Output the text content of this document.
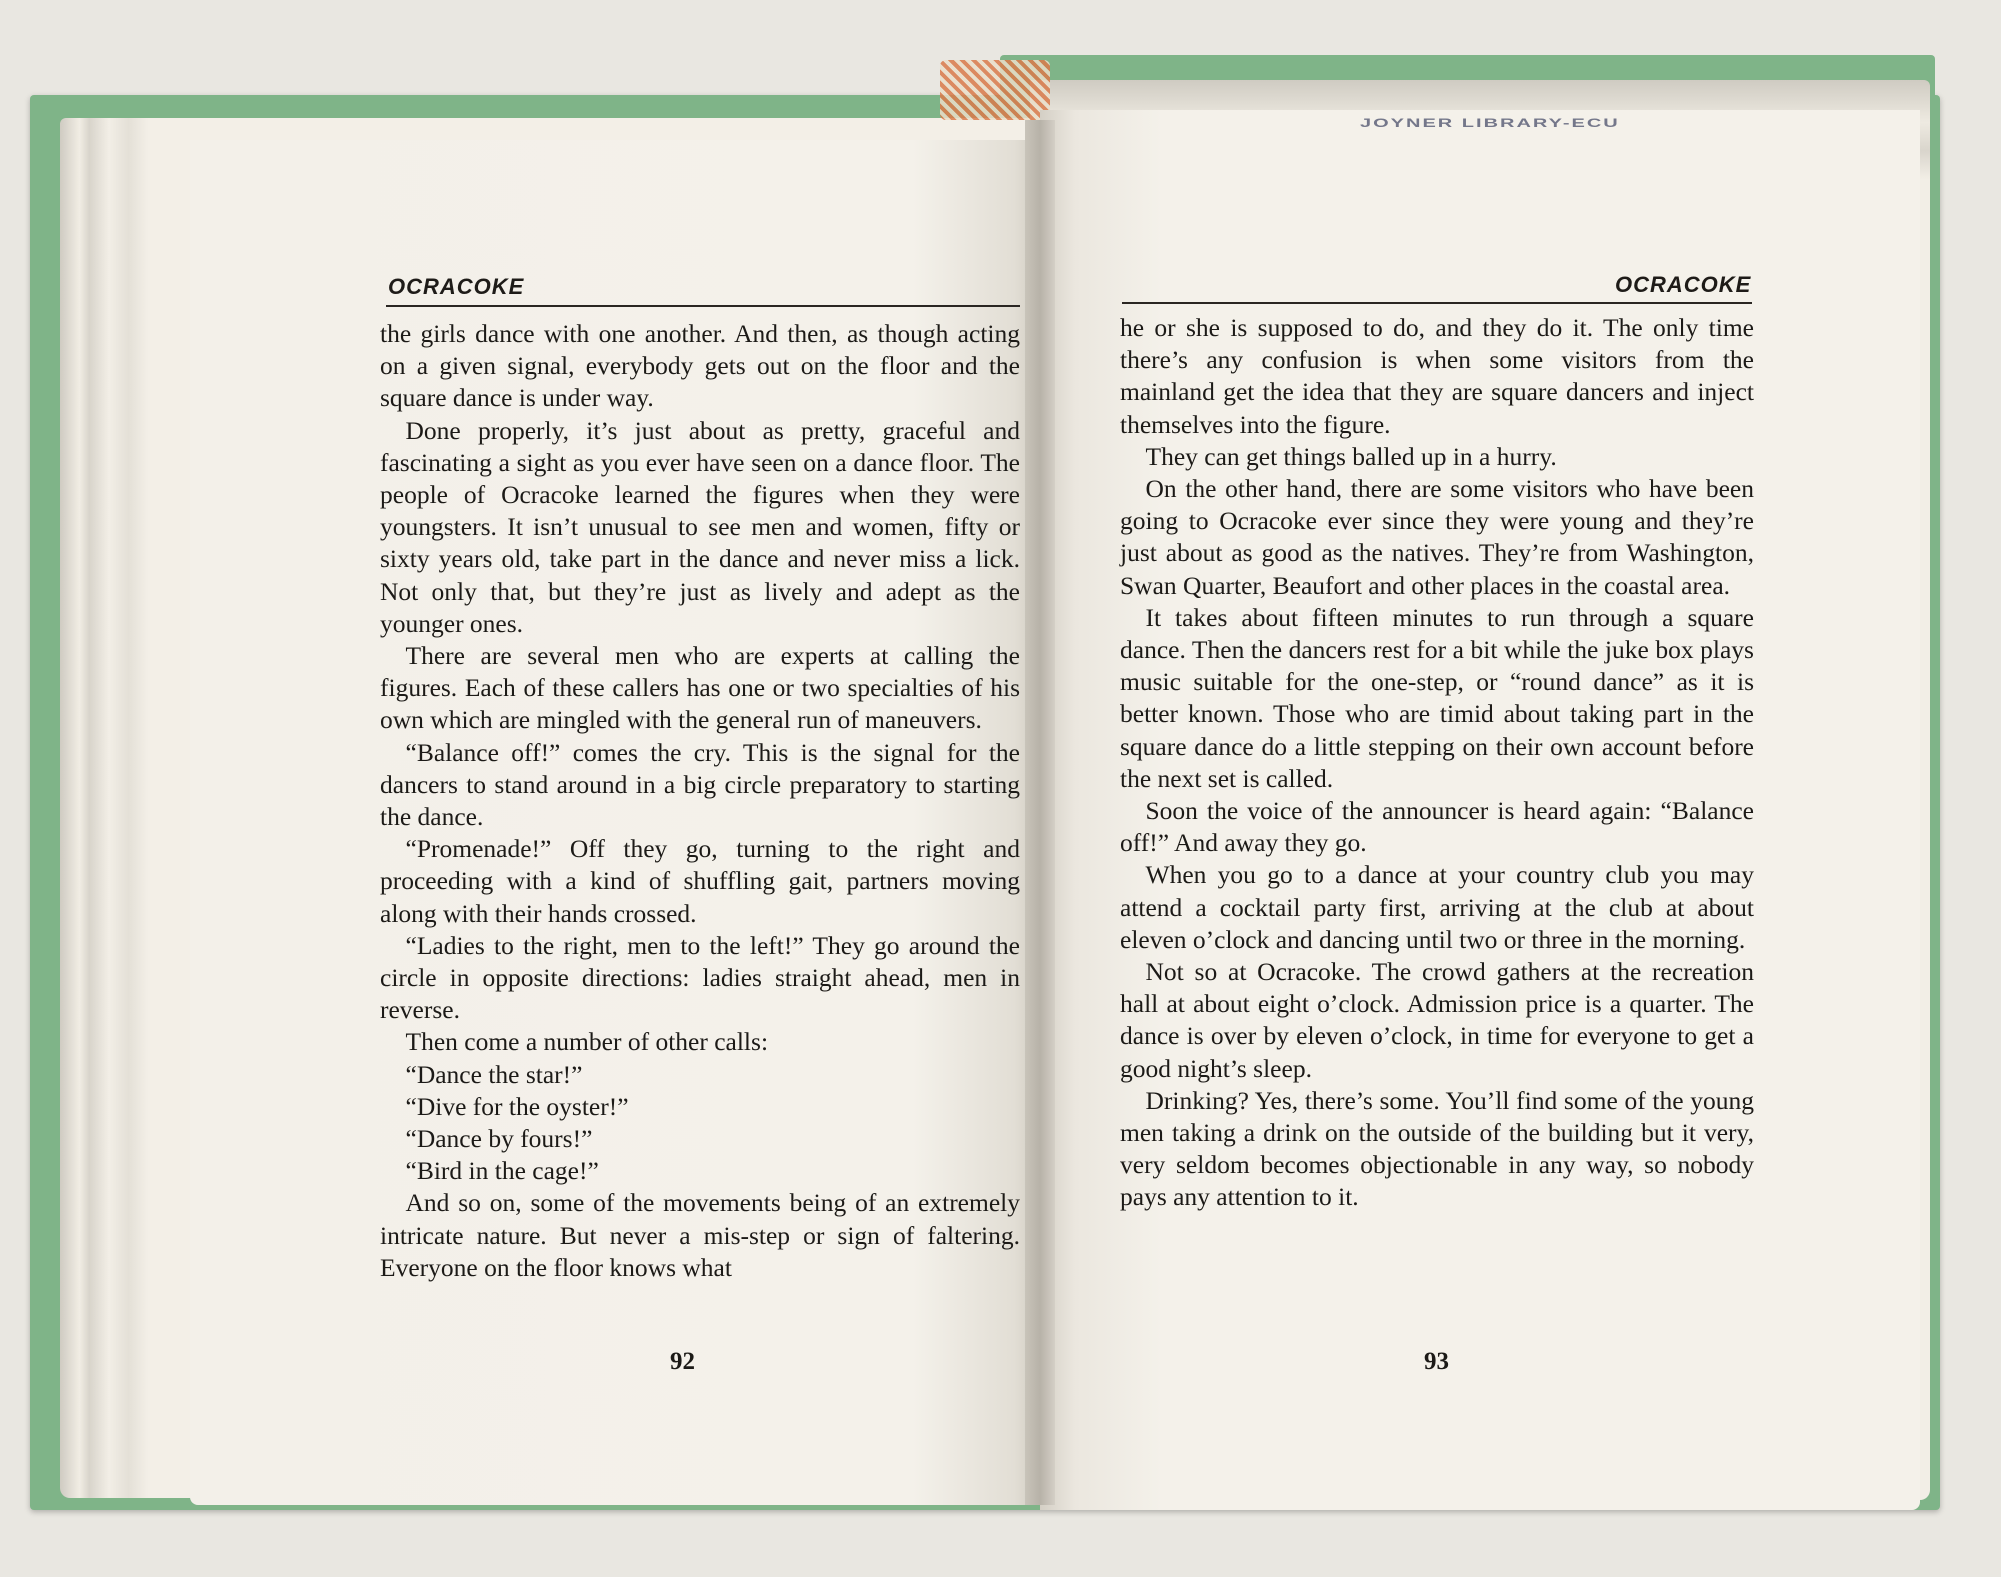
JOYNER LIBRARY-ECU
OCRACOKE

the girls dance with one another. And then, as though acting on a given signal, everybody gets out on the floor and the square dance is under way.

Done properly, it’s just about as pretty, graceful and fascinating a sight as you ever have seen on a dance floor. The people of Ocracoke learned the figures when they were youngsters. It isn’t unusual to see men and women, fifty or sixty years old, take part in the dance and never miss a lick. Not only that, but they’re just as lively and adept as the younger ones.

There are several men who are experts at calling the figures. Each of these callers has one or two specialties of his own which are mingled with the general run of maneuvers.

“Balance off!” comes the cry. This is the signal for the dancers to stand around in a big circle preparatory to starting the dance.

“Promenade!” Off they go, turning to the right and proceeding with a kind of shuffling gait, partners moving along with their hands crossed.

“Ladies to the right, men to the left!” They go around the circle in opposite directions: ladies straight ahead, men in reverse.

Then come a number of other calls:

“Dance the star!”

“Dive for the oyster!”

“Dance by fours!”

“Bird in the cage!”

And so on, some of the movements being of an extremely intricate nature. But never a mis-step or sign of faltering. Everyone on the floor knows what

92
OCRACOKE

he or she is supposed to do, and they do it. The only time there’s any confusion is when some visitors from the mainland get the idea that they are square dancers and inject themselves into the figure.

They can get things balled up in a hurry.

On the other hand, there are some visitors who have been going to Ocracoke ever since they were young and they’re just about as good as the natives. They’re from Washington, Swan Quarter, Beaufort and other places in the coastal area.

It takes about fifteen minutes to run through a square dance. Then the dancers rest for a bit while the juke box plays music suitable for the one-step, or “round dance” as it is better known. Those who are timid about taking part in the square dance do a little stepping on their own account before the next set is called.

Soon the voice of the announcer is heard again: “Balance off!” And away they go.

When you go to a dance at your country club you may attend a cocktail party first, arriving at the club at about eleven o’clock and dancing until two or three in the morning.

Not so at Ocracoke. The crowd gathers at the recreation hall at about eight o’clock. Admission price is a quarter. The dance is over by eleven o’clock, in time for everyone to get a good night’s sleep.

Drinking? Yes, there’s some. You’ll find some of the young men taking a drink on the outside of the building but it very, very seldom becomes objectionable in any way, so nobody pays any attention to it.

93
